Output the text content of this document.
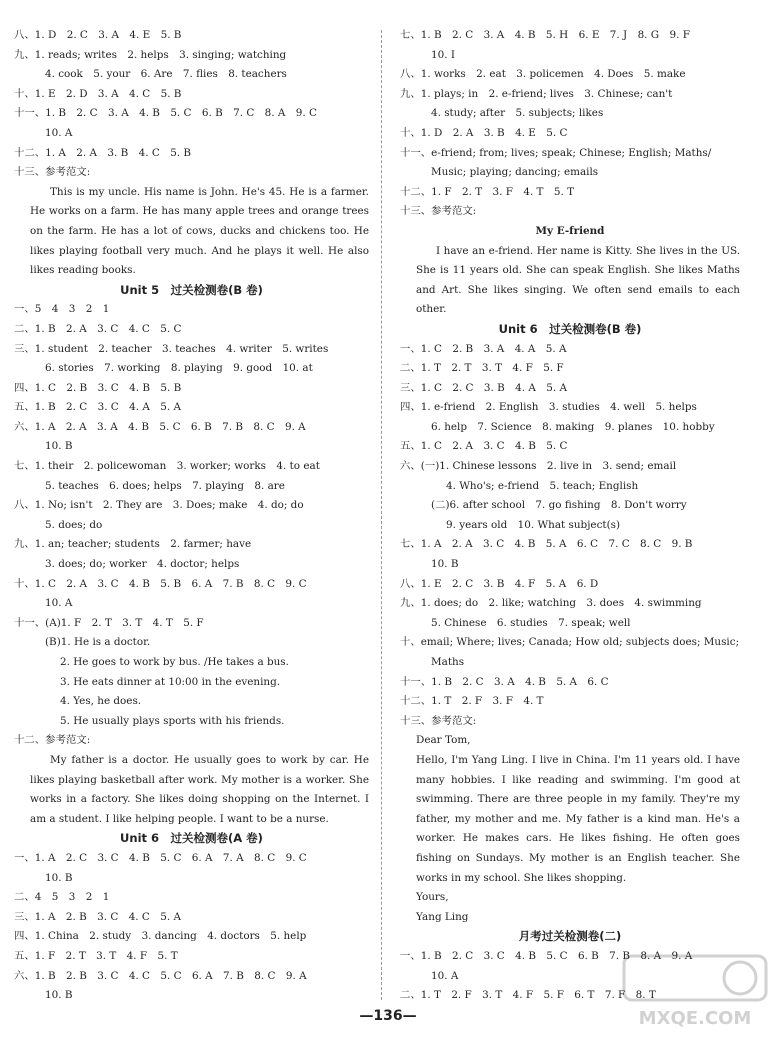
八、1. D　2. C　3. A　4. E　5. B
九、1. reads; writes　2. helps　3. singing; watching
4. cook　5. your　6. Are　7. flies　8. teachers
十、1. E　2. D　3. A　4. C　5. B
十一、1. B　2. C　3. A　4. B　5. C　6. B　7. C　8. A　9. C
10. A
十二、1. A　2. A　3. B　4. C　5. B
十三、参考范文:
This is my uncle. His name is John. He's 45. He is a farmer. He works on a farm. He has many apple trees and orange trees on the farm. He has a lot of cows, ducks and chickens too. He likes playing football very much. And he plays it well. He also likes reading books.
Unit 5　过关检测卷(B 卷)
一、5　4　3　2　1
二、1. B　2. A　3. C　4. C　5. C
三、1. student　2. teacher　3. teaches　4. writer　5. writes
6. stories　7. working　8. playing　9. good　10. at
四、1. C　2. B　3. C　4. B　5. B
五、1. B　2. C　3. C　4. A　5. A
六、1. A　2. A　3. A　4. B　5. C　6. B　7. B　8. C　9. A
10. B
七、1. their　2. policewoman　3. worker; works　4. to eat
5. teaches　6. does; helps　7. playing　8. are
八、1. No; isn't　2. They are　3. Does; make　4. do; do
5. does; do
九、1. an; teacher; students　2. farmer; have
3. does; do; worker　4. doctor; helps
十、1. C　2. A　3. C　4. B　5. B　6. A　7. B　8. C　9. C
10. A
十一、(A)1. F　2. T　3. T　4. T　5. F
(B)1. He is a doctor.
2. He goes to work by bus. /He takes a bus.
3. He eats dinner at 10:00 in the evening.
4. Yes, he does.
5. He usually plays sports with his friends.
十二、参考范文:
My father is a doctor. He usually goes to work by car. He likes playing basketball after work. My mother is a worker. She works in a factory. She likes doing shopping on the Internet. I am a student. I like helping people. I want to be a nurse.
Unit 6　过关检测卷(A 卷)
一、1. A　2. C　3. C　4. B　5. C　6. A　7. A　8. C　9. C
10. B
二、4　5　3　2　1
三、1. A　2. B　3. C　4. C　5. A
四、1. China　2. study　3. dancing　4. doctors　5. help
五、1. F　2. T　3. T　4. F　5. T
六、1. B　2. B　3. C　4. C　5. C　6. A　7. B　8. C　9. A
10. B
七、1. B　2. C　3. A　4. B　5. H　6. E　7. J　8. G　9. F
10. I
八、1. works　2. eat　3. policemen　4. Does　5. make
九、1. plays; in　2. e-friend; lives　3. Chinese; can't
4. study; after　5. subjects; likes
十、1. D　2. A　3. B　4. E　5. C
十一、e-friend; from; lives; speak; Chinese; English; Maths/
Music; playing; dancing; emails
十二、1. F　2. T　3. F　4. T　5. T
十三、参考范文:
My E-friend
I have an e-friend. Her name is Kitty. She lives in the US. She is 11 years old. She can speak English. She likes Maths and Art. She likes singing. We often send emails to each other.
Unit 6　过关检测卷(B 卷)
一、1. C　2. B　3. A　4. A　5. A
二、1. T　2. T　3. T　4. F　5. F
三、1. C　2. C　3. B　4. A　5. A
四、1. e-friend　2. English　3. studies　4. well　5. helps
6. help　7. Science　8. making　9. planes　10. hobby
五、1. C　2. A　3. C　4. B　5. C
六、(一)1. Chinese lessons　2. live in　3. send; email
4. Who's; e-friend　5. teach; English
(二)6. after school　7. go fishing　8. Don't worry
9. years old　10. What subject(s)
七、1. A　2. A　3. C　4. B　5. A　6. C　7. C　8. C　9. B
10. B
八、1. E　2. C　3. B　4. F　5. A　6. D
九、1. does; do　2. like; watching　3. does　4. swimming
5. Chinese　6. studies　7. speak; well
十、email; Where; lives; Canada; How old; subjects does; Music;
Maths
十一、1. B　2. C　3. A　4. B　5. A　6. C
十二、1. T　2. F　3. F　4. T
十三、参考范文:
Dear Tom,
Hello, I'm Yang Ling. I live in China. I'm 11 years old. I have many hobbies. I like reading and swimming. I'm good at swimming. There are three people in my family. They're my father, my mother and me. My father is a kind man. He's a worker. He makes cars. He likes fishing. He often goes fishing on Sundays. My mother is an English teacher. She works in my school. She likes shopping.
Yours,
Yang Ling
月考过关检测卷(二)
一、1. B　2. C　3. C　4. B　5. C　6. B　7. B　8. A　9. A
10. A
二、1. T　2. F　3. T　4. F　5. F　6. T　7. F　8. T
—136—	MXQE.COM
